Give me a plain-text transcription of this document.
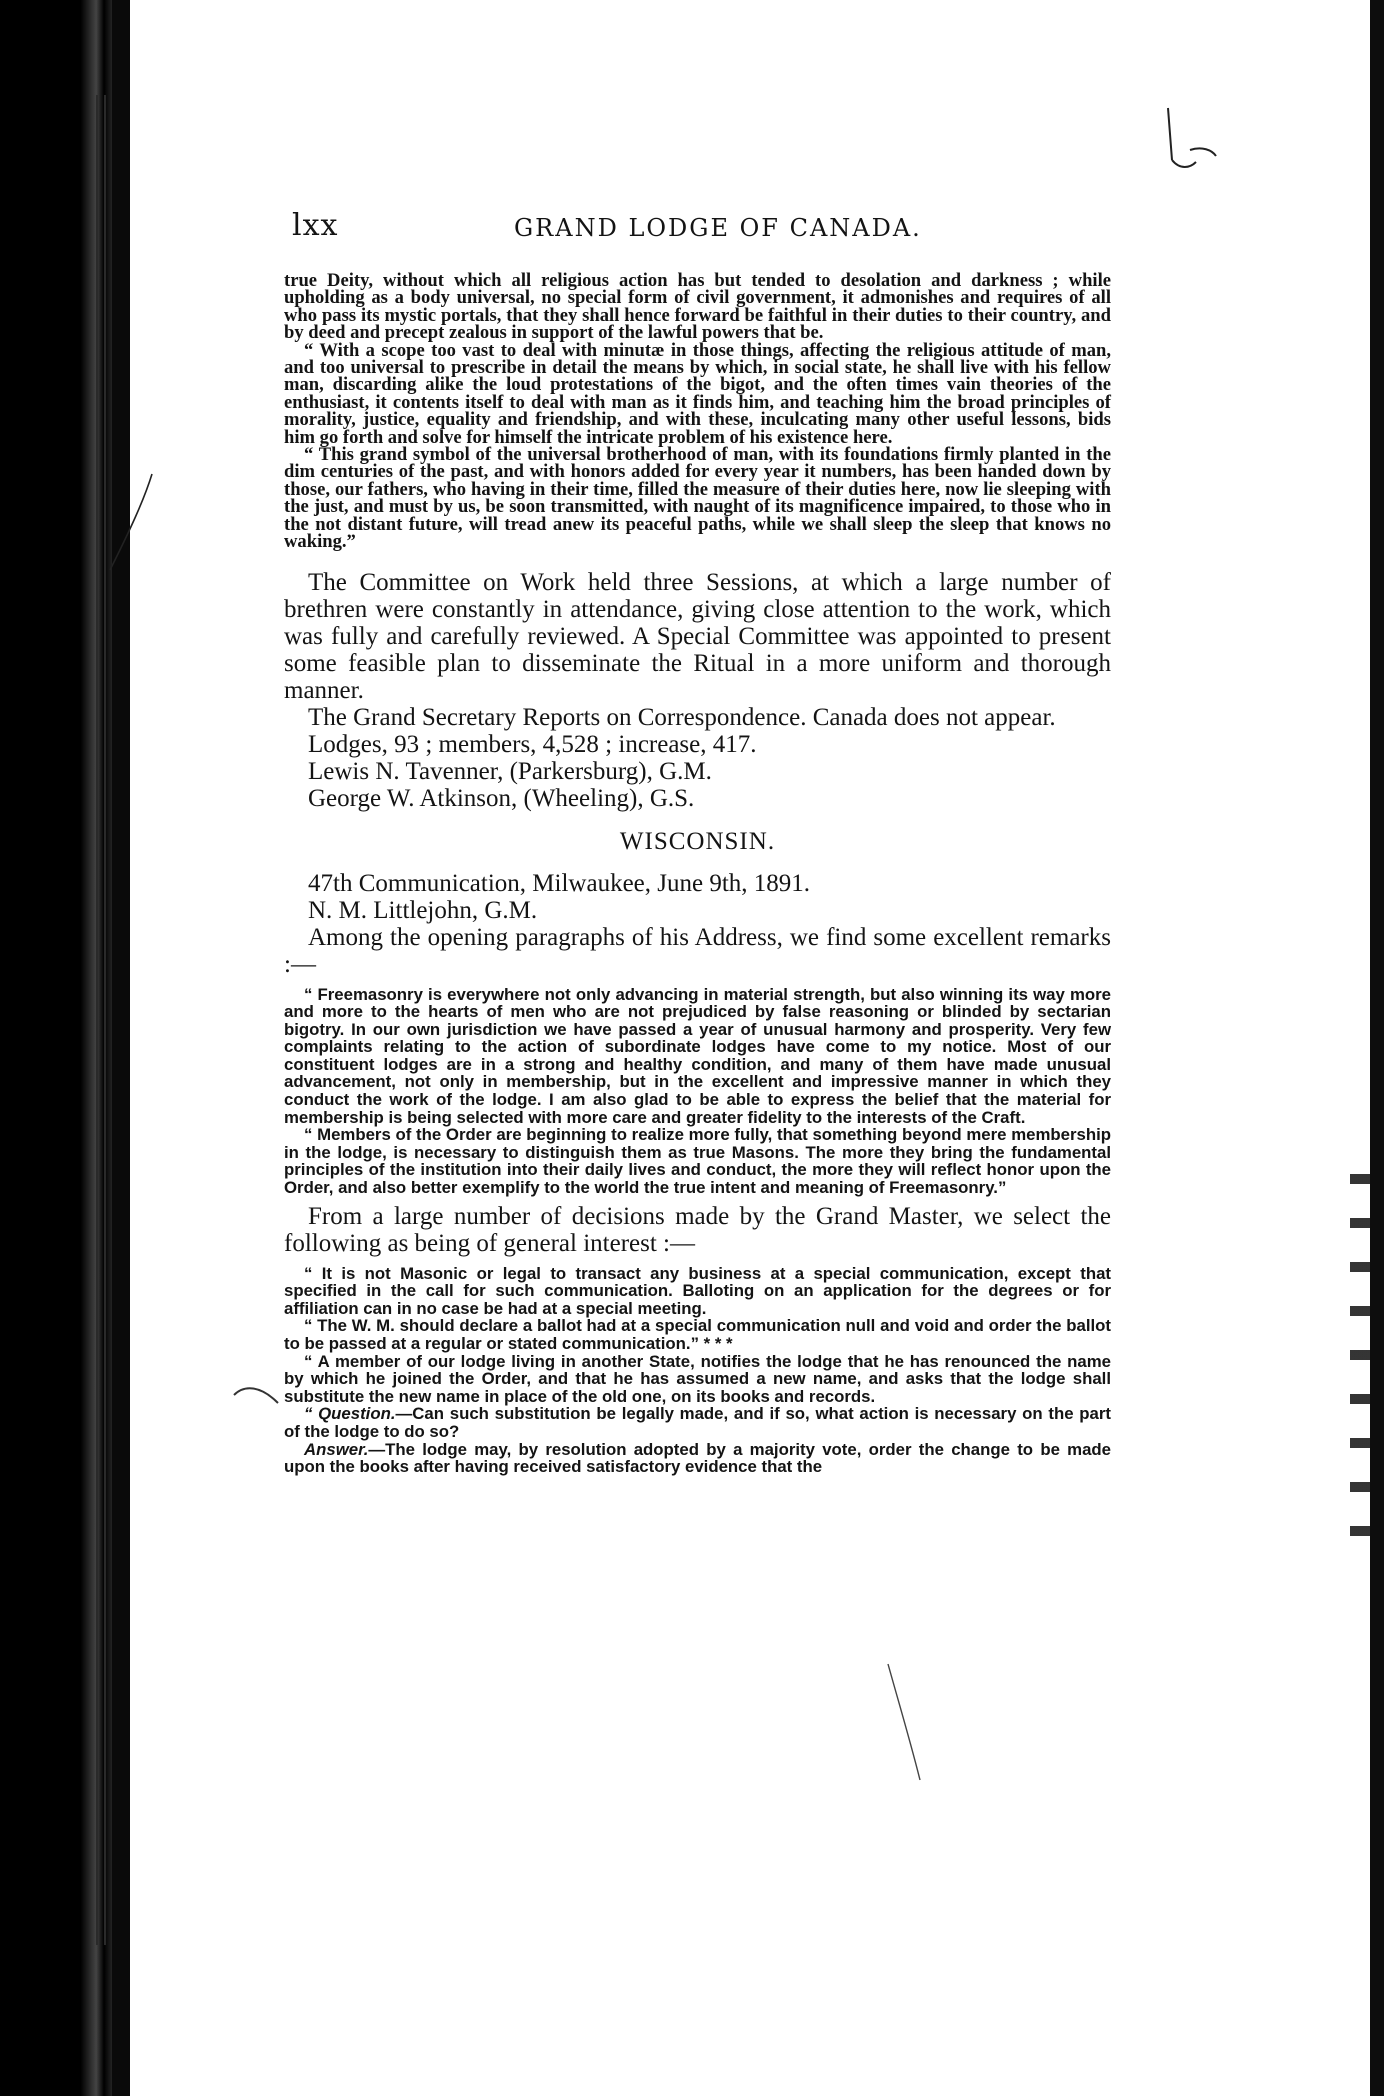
lxx	GRAND LODGE OF CANADA.

true Deity, without which all religious action has but tended to desolation and darkness ; while upholding as a body universal, no special form of civil government, it admonishes and requires of all who pass its mystic portals, that they shall hence forward be faithful in their duties to their country, and by deed and precept zealous in support of the lawful powers that be.

“ With a scope too vast to deal with minutæ in those things, affecting the religious attitude of man, and too universal to prescribe in detail the means by which, in social state, he shall live with his fellow man, discarding alike the loud protestations of the bigot, and the often times vain theories of the enthusiast, it contents itself to deal with man as it finds him, and teaching him the broad principles of morality, justice, equality and friendship, and with these, inculcating many other useful lessons, bids him go forth and solve for himself the intricate problem of his existence here.

“ This grand symbol of the universal brotherhood of man, with its foundations firmly planted in the dim centuries of the past, and with honors added for every year it numbers, has been handed down by those, our fathers, who having in their time, filled the measure of their duties here, now lie sleeping with the just, and must by us, be soon transmitted, with naught of its magnificence impaired, to those who in the not distant future, will tread anew its peaceful paths, while we shall sleep the sleep that knows no waking.”

The Committee on Work held three Sessions, at which a large number of brethren were constantly in attendance, giving close attention to the work, which was fully and carefully reviewed. A Special Committee was appointed to present some feasible plan to disseminate the Ritual in a more uniform and thorough manner.

The Grand Secretary Reports on Correspondence. Canada does not appear.

Lodges, 93 ; members, 4,528 ; increase, 417.

Lewis N. Tavenner, (Parkersburg), G.M.

George W. Atkinson, (Wheeling), G.S.

WISCONSIN.

47th Communication, Milwaukee, June 9th, 1891.

N. M. Littlejohn, G.M.

Among the opening paragraphs of his Address, we find some excellent remarks :—

“ Freemasonry is everywhere not only advancing in material strength, but also winning its way more and more to the hearts of men who are not prejudiced by false reasoning or blinded by sectarian bigotry. In our own jurisdiction we have passed a year of unusual harmony and prosperity. Very few complaints relating to the action of subordinate lodges have come to my notice. Most of our constituent lodges are in a strong and healthy condition, and many of them have made unusual advancement, not only in membership, but in the excellent and impressive manner in which they conduct the work of the lodge. I am also glad to be able to express the belief that the material for membership is being selected with more care and greater fidelity to the interests of the Craft.

“ Members of the Order are beginning to realize more fully, that something beyond mere membership in the lodge, is necessary to distinguish them as true Masons. The more they bring the fundamental principles of the institution into their daily lives and conduct, the more they will reflect honor upon the Order, and also better exemplify to the world the true intent and meaning of Freemasonry.”

From a large number of decisions made by the Grand Master, we select the following as being of general interest :—

“ It is not Masonic or legal to transact any business at a special communication, except that specified in the call for such communication. Balloting on an application for the degrees or for affiliation can in no case be had at a special meeting.

“ The W. M. should declare a ballot had at a special communication null and void and order the ballot to be passed at a regular or stated communication.” * * *

“ A member of our lodge living in another State, notifies the lodge that he has renounced the name by which he joined the Order, and that he has assumed a new name, and asks that the lodge shall substitute the new name in place of the old one, on its books and records.

“ Question.—Can such substitution be legally made, and if so, what action is necessary on the part of the lodge to do so?

Answer.—The lodge may, by resolution adopted by a majority vote, order the change to be made upon the books after having received satisfactory evidence that the
